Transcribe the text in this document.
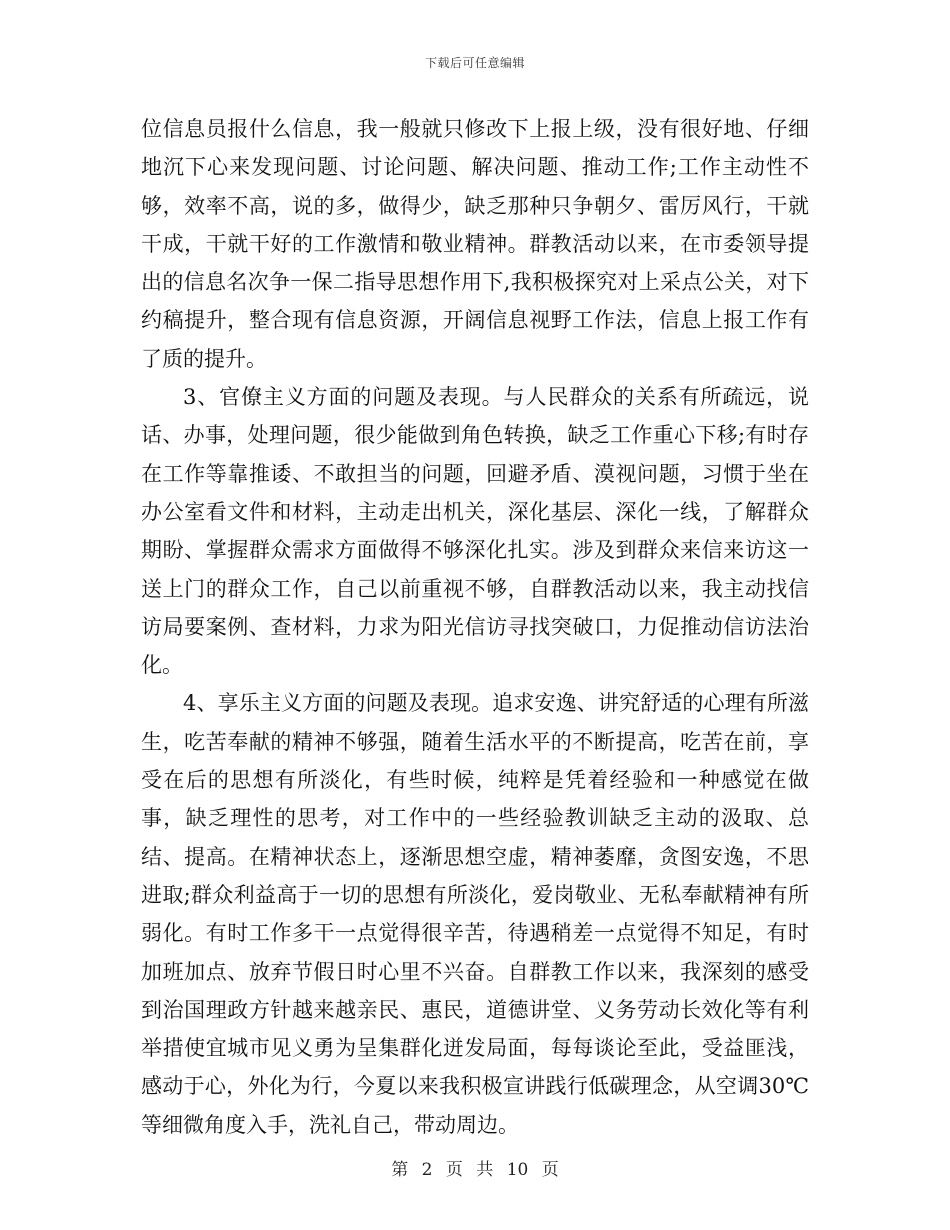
下载后可任意编辑

位信息员报什么信息，我一般就只修改下上报上级，没有很好地、仔细地沉下心来发现问题、讨论问题、解决问题、推动工作;工作主动性不够，效率不高，说的多，做得少，缺乏那种只争朝夕、雷厉风行，干就干成，干就干好的工作激情和敬业精神。群教活动以来，在市委领导提出的信息名次争一保二指导思想作用下,我积极探究对上采点公关，对下约稿提升，整合现有信息资源，开阔信息视野工作法，信息上报工作有了质的提升。

3、官僚主义方面的问题及表现。与人民群众的关系有所疏远，说话、办事，处理问题，很少能做到角色转换，缺乏工作重心下移;有时存在工作等靠推诿、不敢担当的问题，回避矛盾、漠视问题，习惯于坐在办公室看文件和材料，主动走出机关，深化基层、深化一线，了解群众期盼、掌握群众需求方面做得不够深化扎实。涉及到群众来信来访这一送上门的群众工作，自己以前重视不够，自群教活动以来，我主动找信访局要案例、查材料，力求为阳光信访寻找突破口，力促推动信访法治化。

4、享乐主义方面的问题及表现。追求安逸、讲究舒适的心理有所滋生，吃苦奉献的精神不够强，随着生活水平的不断提高，吃苦在前，享受在后的思想有所淡化，有些时候，纯粹是凭着经验和一种感觉在做事，缺乏理性的思考，对工作中的一些经验教训缺乏主动的汲取、总结、提高。在精神状态上，逐渐思想空虚，精神萎靡，贪图安逸，不思进取;群众利益高于一切的思想有所淡化，爱岗敬业、无私奉献精神有所弱化。有时工作多干一点觉得很辛苦，待遇稍差一点觉得不知足，有时加班加点、放弃节假日时心里不兴奋。自群教工作以来，我深刻的感受到治国理政方针越来越亲民、惠民，道德讲堂、义务劳动长效化等有利举措使宜城市见义勇为呈集群化迸发局面，每每谈论至此，受益匪浅，感动于心，外化为行，今夏以来我积极宣讲践行低碳理念，从空调30℃等细微角度入手，洗礼自己，带动周边。

第 2 页 共 10 页
